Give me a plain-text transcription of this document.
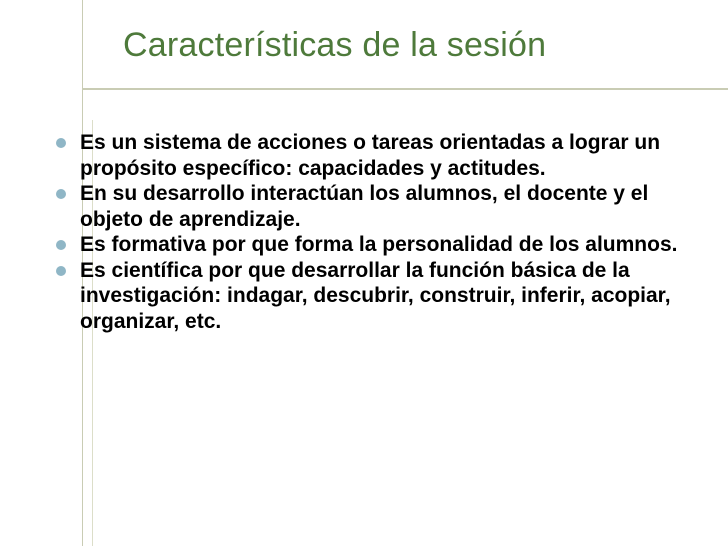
Características de la sesión
Es un sistema de acciones o tareas orientadas a lograr un propósito específico: capacidades y actitudes.
En su desarrollo interactúan los alumnos, el docente y el objeto de aprendizaje.
Es formativa por que forma la personalidad de los alumnos.
Es científica por que desarrollar la función básica de la investigación: indagar, descubrir, construir, inferir, acopiar, organizar, etc.
